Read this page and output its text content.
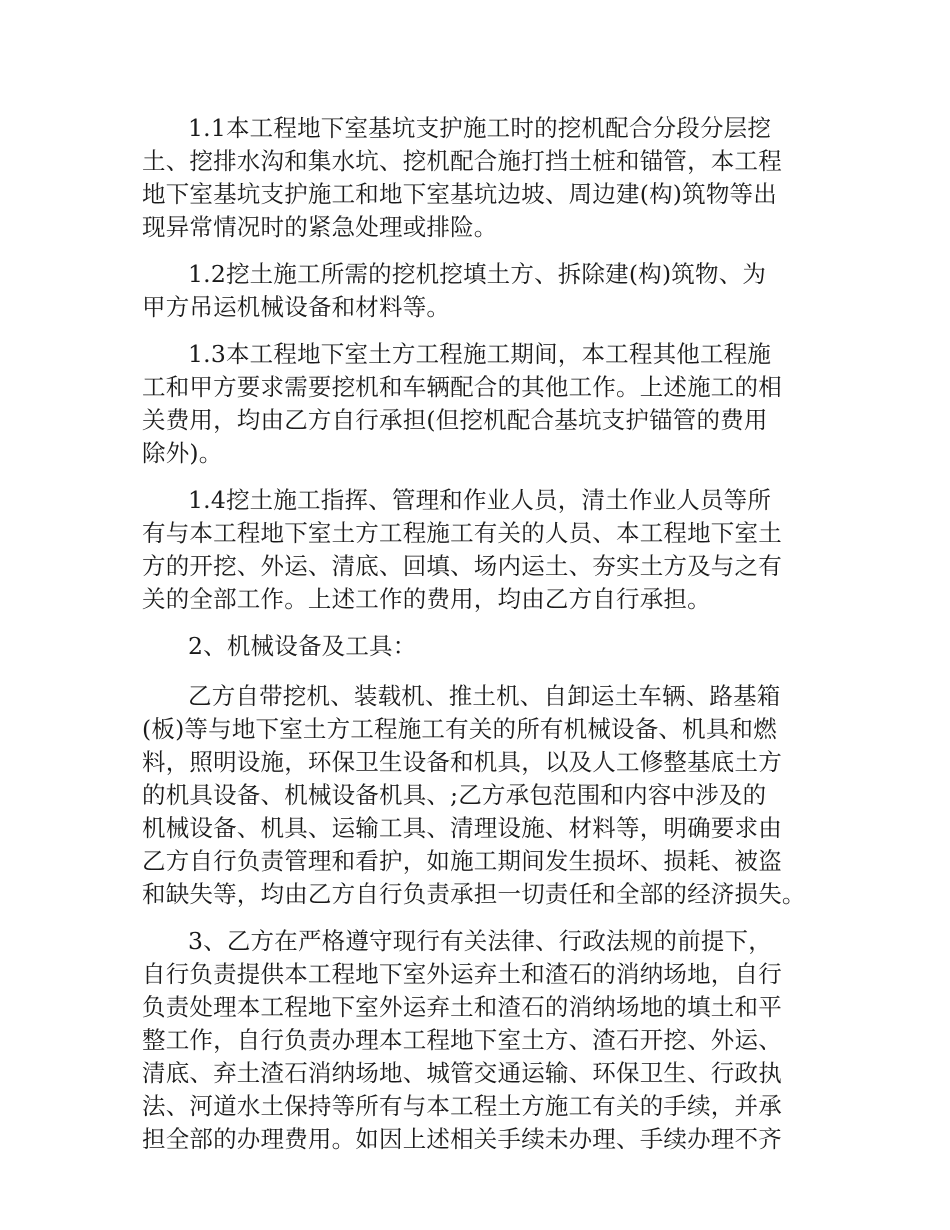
1.1本工程地下室基坑支护施工时的挖机配合分段分层挖
土、挖排水沟和集水坑、挖机配合施打挡土桩和锚管，本工程
地下室基坑支护施工和地下室基坑边坡、周边建(构)筑物等出
现异常情况时的紧急处理或排险。
1.2挖土施工所需的挖机挖填土方、拆除建(构)筑物、为
甲方吊运机械设备和材料等。
1.3本工程地下室土方工程施工期间，本工程其他工程施
工和甲方要求需要挖机和车辆配合的其他工作。上述施工的相
关费用，均由乙方自行承担(但挖机配合基坑支护锚管的费用
除外)。
1.4挖土施工指挥、管理和作业人员，清土作业人员等所
有与本工程地下室土方工程施工有关的人员、本工程地下室土
方的开挖、外运、清底、回填、场内运土、夯实土方及与之有
关的全部工作。上述工作的费用，均由乙方自行承担。
2、机械设备及工具：
乙方自带挖机、装载机、推土机、自卸运土车辆、路基箱
(板)等与地下室土方工程施工有关的所有机械设备、机具和燃
料，照明设施，环保卫生设备和机具，以及人工修整基底土方
的机具设备、机械设备机具、;乙方承包范围和内容中涉及的
机械设备、机具、运输工具、清理设施、材料等，明确要求由
乙方自行负责管理和看护，如施工期间发生损坏、损耗、被盗
和缺失等，均由乙方自行负责承担一切责任和全部的经济损失。
3、乙方在严格遵守现行有关法律、行政法规的前提下，
自行负责提供本工程地下室外运弃土和渣石的消纳场地，自行
负责处理本工程地下室外运弃土和渣石的消纳场地的填土和平
整工作，自行负责办理本工程地下室土方、渣石开挖、外运、
清底、弃土渣石消纳场地、城管交通运输、环保卫生、行政执
法、河道水土保持等所有与本工程土方施工有关的手续，并承
担全部的办理费用。如因上述相关手续未办理、手续办理不齐
